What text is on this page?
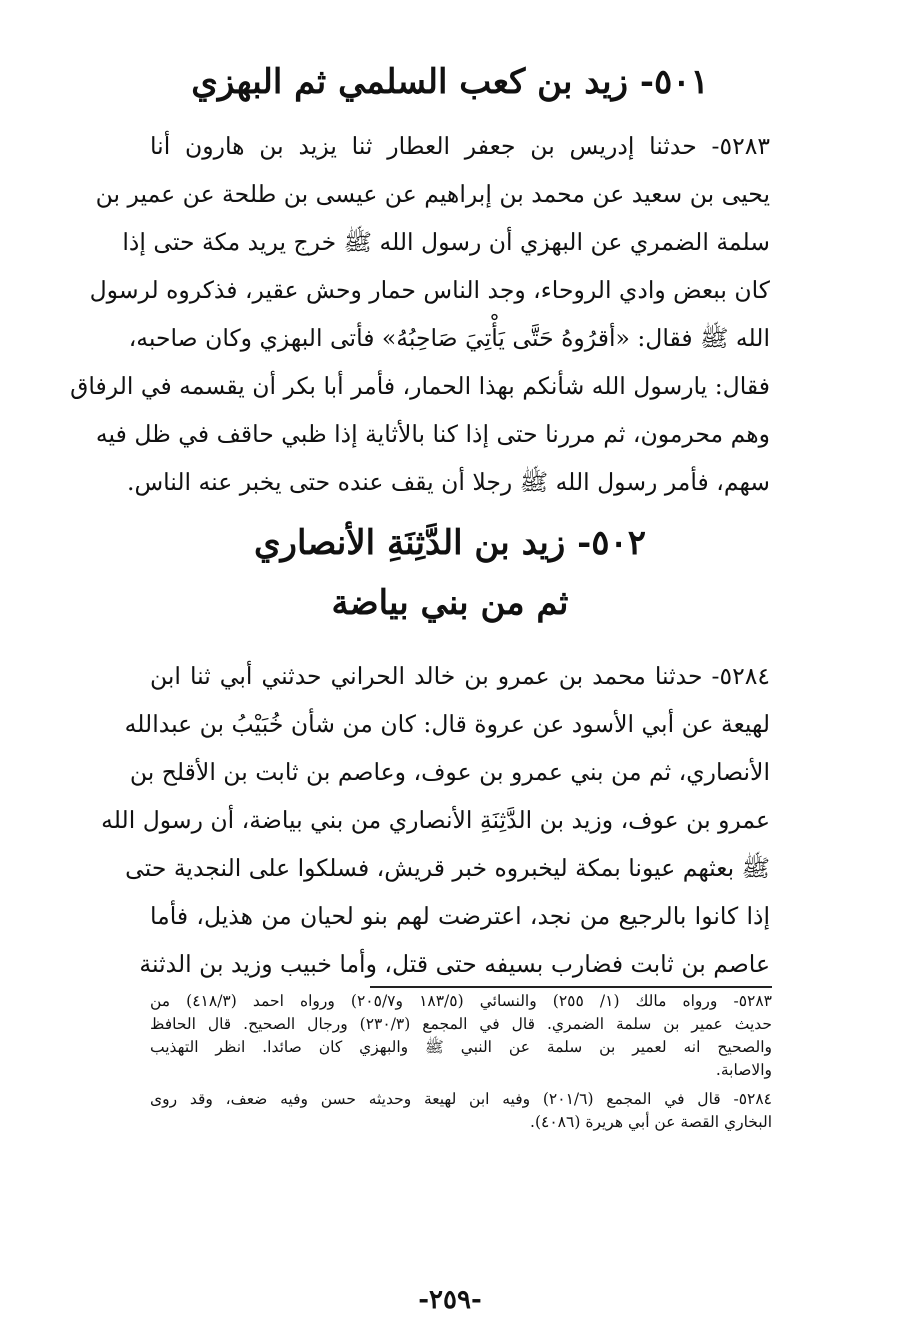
٥٠١- زيد بن كعب السلمي ثم البهزي
٥٢٨٣- حدثنا إدريس بن جعفر العطار ثنا يزيد بن هارون أنا
يحيى بن سعيد عن محمد بن إبراهيم عن عيسى بن طلحة عن عمير بن
سلمة الضمري عن البهزي أن رسول الله ﷺ خرج يريد مكة حتى إذا
كان ببعض وادي الروحاء، وجد الناس حمار وحش عقير، فذكروه لرسول
الله ﷺ فقال: «أقرُوهُ حَتَّى يَأْتِيَ صَاحِبُهُ» فأتى البهزي وكان صاحبه،
فقال: يارسول الله شأنكم بهذا الحمار، فأمر أبا بكر أن يقسمه في الرفاق
وهم محرمون، ثم مررنا حتى إذا كنا بالأثاية إذا ظبي حاقف في ظل فيه
سهم، فأمر رسول الله ﷺ رجلا أن يقف عنده حتى يخبر عنه الناس.
٥٠٢- زيد بن الدَّثِنَةِ الأنصاري
ثم من بني بياضة
٥٢٨٤- حدثنا محمد بن عمرو بن خالد الحراني حدثني أبي ثنا ابن
لهيعة عن أبي الأسود عن عروة قال: كان من شأن خُبَيْبُ بن عبدالله
الأنصاري، ثم من بني عمرو بن عوف، وعاصم بن ثابت بن الأقلح بن
عمرو بن عوف، وزيد بن الدَّثِنَةِ الأنصاري من بني بياضة، أن رسول الله
ﷺ بعثهم عيونا بمكة ليخبروه خبر قريش، فسلكوا على النجدية حتى
إذا كانوا بالرجيع من نجد، اعترضت لهم بنو لحيان من هذيل، فأما
عاصم بن ثابت فضارب بسيفه حتى قتل، وأما خبيب وزيد بن الدثنة
٥٢٨٣- ورواه مالك (١/ ٢٥٥) والنسائي (١٨٣/٥ و٢٠٥/٧) ورواه احمد (٤١٨/٣) من
حديث عمير بن سلمة الضمري. قال في المجمع (٢٣٠/٣) ورجال الصحيح. قال الحافظ
والصحيح انه لعمير بن سلمة عن النبي ﷺ والبهزي كان صائدا. انظر التهذيب
والاصابة.
٥٢٨٤- قال في المجمع (٢٠١/٦) وفيه ابن لهيعة وحديثه حسن وفيه ضعف، وقد روى
البخاري القصة عن أبي هريرة (٤٠٨٦).
-٢٥٩-
